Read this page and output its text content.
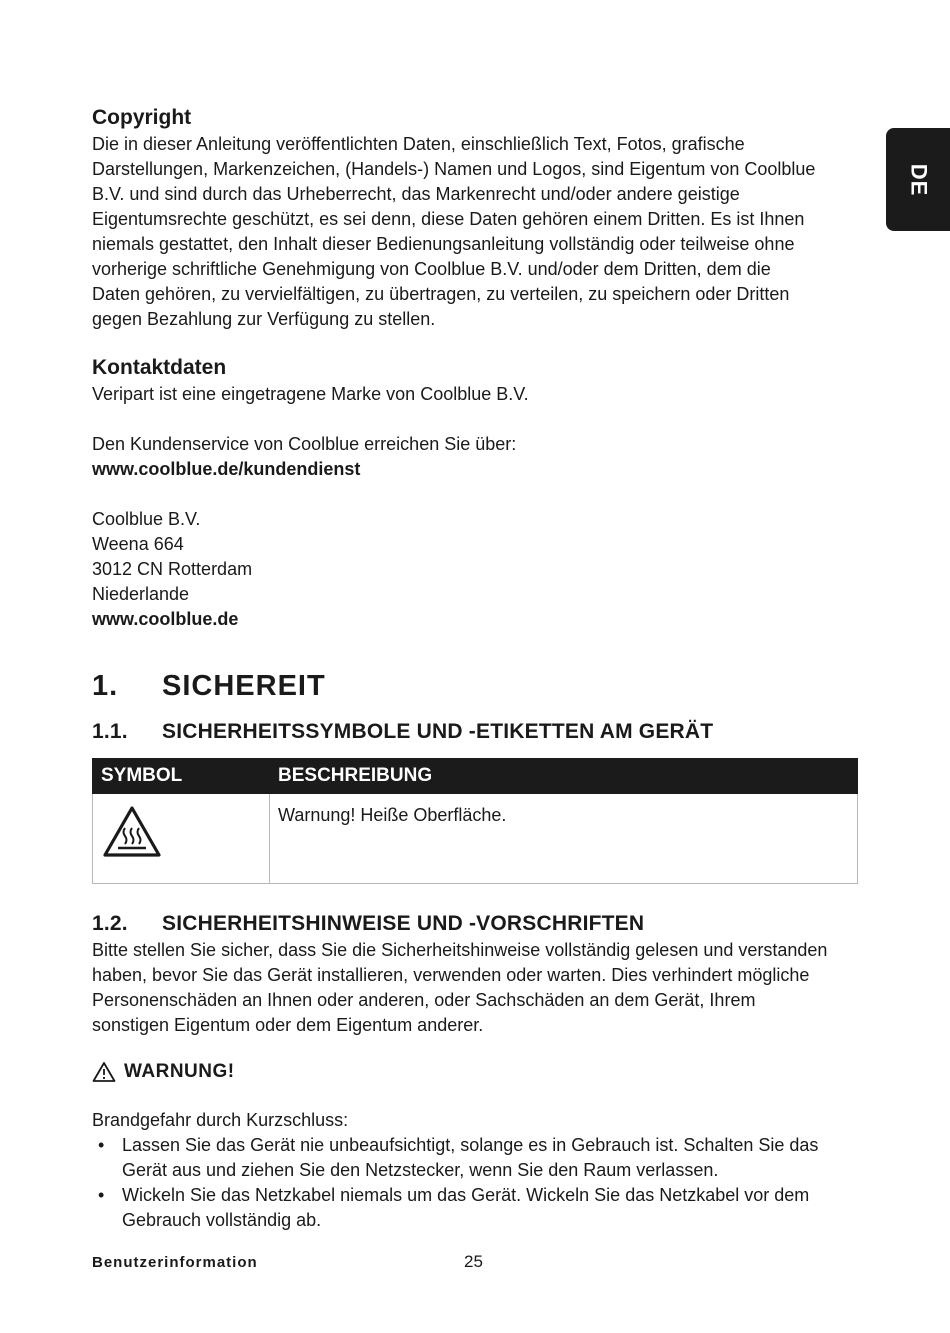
DE
Copyright

Die in dieser Anleitung veröffentlichten Daten, einschließlich Text, Fotos, grafische

Darstellungen, Markenzeichen, (Handels-) Namen und Logos, sind Eigentum von Coolblue

B.V. und sind durch das Urheberrecht, das Markenrecht und/oder andere geistige

Eigentumsrechte geschützt, es sei denn, diese Daten gehören einem Dritten. Es ist Ihnen

niemals gestattet, den Inhalt dieser Bedienungsanleitung vollständig oder teilweise ohne

vorherige schriftliche Genehmigung von Coolblue B.V. und/oder dem Dritten, dem die

Daten gehören, zu vervielfältigen, zu übertragen, zu verteilen, zu speichern oder Dritten

gegen Bezahlung zur Verfügung zu stellen.

Kontaktdaten

Veripart ist eine eingetragene Marke von Coolblue B.V.

Den Kundenservice von Coolblue erreichen Sie über:

www.coolblue.de/kundendienst

Coolblue B.V.

Weena 664

3012 CN Rotterdam

Niederlande

www.coolblue.de

1.	SICHEREIT
1.1.	SICHERHEITSSYMBOLE UND -ETIKETTEN AM GERÄT
SYMBOL	BESCHREIBUNG
	Warnung! Heiße Oberfläche.
1.2.	SICHERHEITSHINWEISE UND -VORSCHRIFTEN

Bitte stellen Sie sicher, dass Sie die Sicherheitshinweise vollständig gelesen und verstanden

haben, bevor Sie das Gerät installieren, verwenden oder warten. Dies verhindert mögliche

Personenschäden an Ihnen oder anderen, oder Sachschäden an dem Gerät, Ihrem

sonstigen Eigentum oder dem Eigentum anderer.

WARNUNG!

Brandgefahr durch Kurzschluss:

• Lassen Sie das Gerät nie unbeaufsichtigt, solange es in Gebrauch ist. Schalten Sie das
Gerät aus und ziehen Sie den Netzstecker, wenn Sie den Raum verlassen.
• Wickeln Sie das Netzkabel niemals um das Gerät. Wickeln Sie das Netzkabel vor dem
Gebrauch vollständig ab.
Benutzerinformation	25
